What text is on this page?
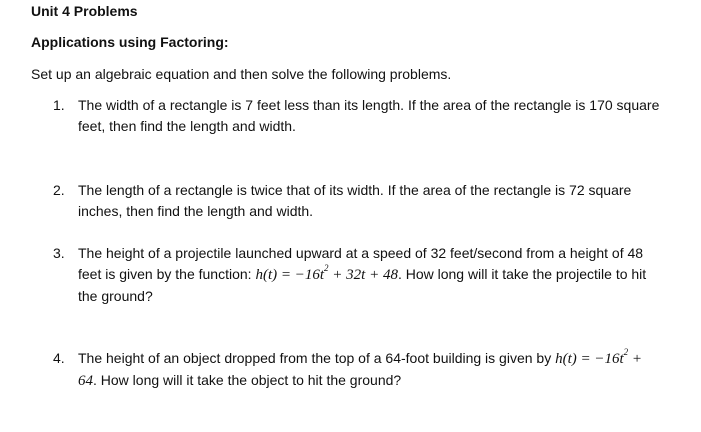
Unit 4 Problems
Applications using Factoring:
Set up an algebraic equation and then solve the following problems.
1. The width of a rectangle is 7 feet less than its length. If the area of the rectangle is 170 square feet, then find the length and width.
2. The length of a rectangle is twice that of its width. If the area of the rectangle is 72 square inches, then find the length and width.
3. The height of a projectile launched upward at a speed of 32 feet/second from a height of 48 feet is given by the function: $h(t) = -16t^2 + 32t + 48$. How long will it take the projectile to hit the ground?
4. The height of an object dropped from the top of a 64-foot building is given by $h(t) = -16t^2 + 64$. How long will it take the object to hit the ground?
